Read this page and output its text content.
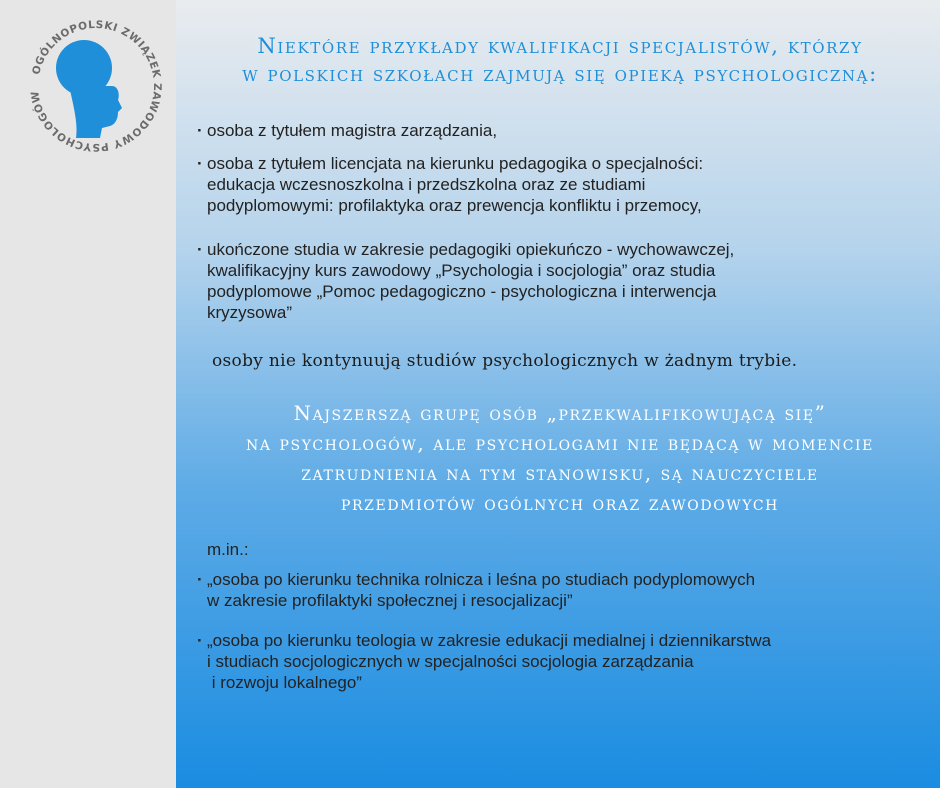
OGÓLNOPOLSKI ZWIĄZEK ZAWODOWY PSYCHOLOGÓW
Niektóre przykłady kwalifikacji specjalistów, którzy
w polskich szkołach zajmują się opieką psychologiczną:
· osoba z tytułem magistra zarządzania,
· osoba z tytułem licencjata na kierunku pedagogika o specjalności:
edukacja wczesnoszkolna i przedszkolna oraz ze studiami
podyplomowymi: profilaktyka oraz prewencja konfliktu i przemocy,
· ukończone studia w zakresie pedagogiki opiekuńczo - wychowawczej,
kwalifikacyjny kurs zawodowy „Psychologia i socjologia” oraz studia
podyplomowe „Pomoc pedagogiczno - psychologiczna i interwencja
kryzysowa”
osoby nie kontynuują studiów psychologicznych w żadnym trybie.
Najszerszą grupę osób „przekwalifikowującą się”
na psychologów, ale psychologami nie będącą w momencie
zatrudnienia na tym stanowisku, są nauczyciele
przedmiotów ogólnych oraz zawodowych
m.in.:
· „osoba po kierunku technika rolnicza i leśna po studiach podyplomowych
w zakresie profilaktyki społecznej i resocjalizacji”
· „osoba po kierunku teologia w zakresie edukacji medialnej i dziennikarstwa
i studiach socjologicznych w specjalności socjologia zarządzania
i rozwoju lokalnego”
